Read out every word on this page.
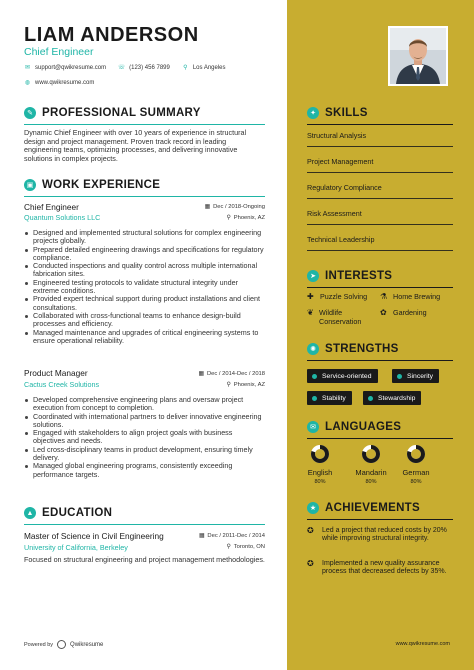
LIAM ANDERSON
Chief Engineer
✉ support@qwikresume.com ☏ (123) 456 7899 ⚲ Los Angeles
◍ www.qwikresume.com
✎ PROFESSIONAL SUMMARY
Dynamic Chief Engineer with over 10 years of experience in structural design and project management. Proven track record in leading engineering teams, optimizing processes, and delivering innovative solutions in complex projects.
▣ WORK EXPERIENCE
Chief Engineer
Quantum Solutions LLC
▦ Dec / 2018-Ongoing
⚲ Phoenix, AZ
Designed and implemented structural solutions for complex engineering projects globally.
Prepared detailed engineering drawings and specifications for regulatory compliance.
Conducted inspections and quality control across multiple international fabrication sites.
Engineered testing protocols to validate structural integrity under extreme conditions.
Provided expert technical support during product installations and client consultations.
Collaborated with cross-functional teams to enhance design-build processes and efficiency.
Managed maintenance and upgrades of critical engineering systems to ensure operational reliability.
Product Manager
Cactus Creek Solutions
▦ Dec / 2014-Dec / 2018
⚲ Phoenix, AZ
Developed comprehensive engineering plans and oversaw project execution from concept to completion.
Coordinated with international partners to deliver innovative engineering solutions.
Engaged with stakeholders to align project goals with business objectives and needs.
Led cross-disciplinary teams in product development, ensuring timely delivery.
Managed global engineering programs, consistently exceeding performance targets.
▲ EDUCATION
Master of Science in Civil Engineering
University of California, Berkeley
▦ Dec / 2011-Dec / 2014
⚲ Toronto, ON
Focused on structural engineering and project management methodologies.
✦ SKILLS
Structural Analysis
Project Management
Regulatory Compliance
Risk Assessment
Technical Leadership
➤ INTERESTS
✚ Puzzle Solving ⚗ Home Brewing
❦ Wildlife Conservation
✿ Gardening
✺ STRENGTHS
Service-oriented	Sincerity
Stability	Stewardship
✉ LANGUAGES
English
80%
Mandarin
80%
German
80%
★ ACHIEVEMENTS
✪	Led a project that reduced costs by 20% while improving structural integrity.
✪	Implemented a new quality assurance process that decreased defects by 35%.
Powered by	Qwikresume	www.qwikresume.com
